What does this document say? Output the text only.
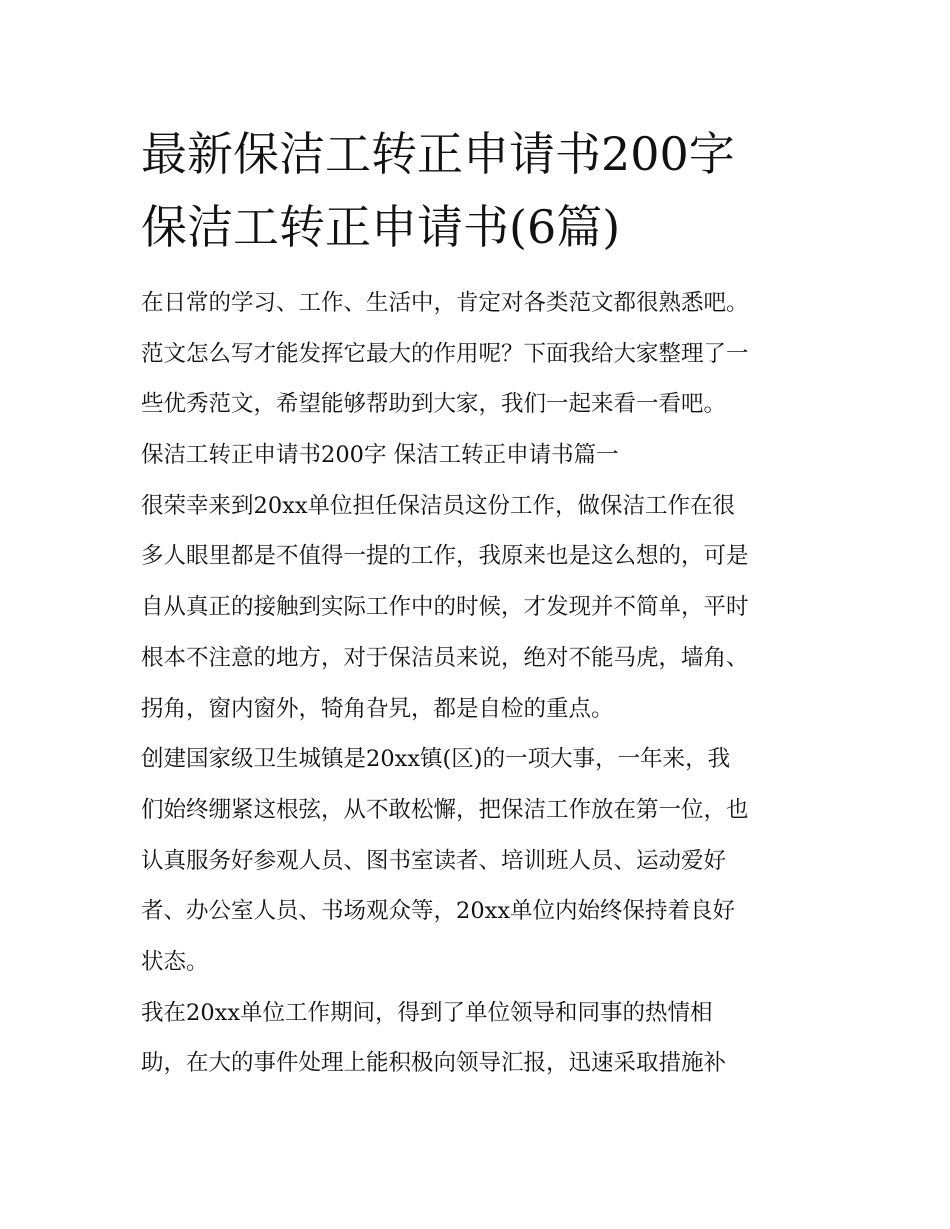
最新保洁工转正申请书200字
保洁工转正申请书(6篇)
在日常的学习、工作、生活中，肯定对各类范文都很熟悉吧。
范文怎么写才能发挥它最大的作用呢？下面我给大家整理了一
些优秀范文，希望能够帮助到大家，我们一起来看一看吧。
保洁工转正申请书200字 保洁工转正申请书篇一
很荣幸来到20xx单位担任保洁员这份工作，做保洁工作在很
多人眼里都是不值得一提的工作，我原来也是这么想的，可是
自从真正的接触到实际工作中的时候，才发现并不简单，平时
根本不注意的地方，对于保洁员来说，绝对不能马虎，墙角、
拐角，窗内窗外，犄角旮旯，都是自检的重点。
创建国家级卫生城镇是20xx镇(区)的一项大事，一年来，我
们始终绷紧这根弦，从不敢松懈，把保洁工作放在第一位，也
认真服务好参观人员、图书室读者、培训班人员、运动爱好
者、办公室人员、书场观众等，20xx单位内始终保持着良好
状态。
我在20xx单位工作期间，得到了单位领导和同事的热情相
助，在大的事件处理上能积极向领导汇报，迅速采取措施补
